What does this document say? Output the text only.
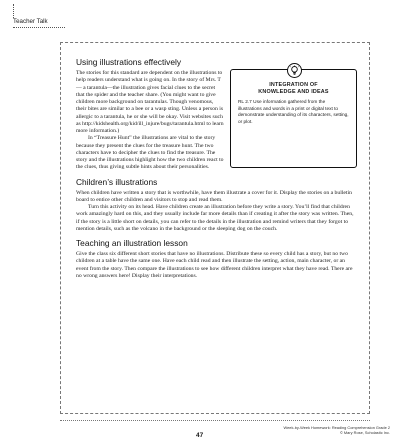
Teacher Talk
Using illustrations effectively
INTEGRATION OF
KNOWLEDGE AND IDEAS
RL 2.7 Use information gathered from the illustrations and words in a print or digital text to demonstrate understanding of its characters, setting, or plot.

The stories for this standard are dependent on the illustrations to help readers understand what is going on. In the story of Mrs. T— a tarantula—the illustration gives facial clues to the secret that the spider and the teacher share. (You might want to give children more background on tarantulas. Though venomous, their bites are similar to a bee or a wasp sting. Unless a person is allergic to a tarantula, he or she will be okay. Visit websites such as http://kidshealth.org/kid/ill_injure/bugs/tarantula.html to learn more information.)

In “Treasure Hunt” the illustrations are vital to the story because they present the clues for the treasure hunt. The two characters have to decipher the clues to find the treasure. The story and the illustrations highlight how the two children react to the clues, thus giving subtle hints about their personalities.

Children’s illustrations

When children have written a story that is worthwhile, have them illustrate a cover for it. Display the stories on a bulletin board to entice other children and visitors to stop and read them.

Turn this activity on its head. Have children create an illustration before they write a story. You’ll find that children work amazingly hard on this, and they usually include far more details than if creating it after the story was written. Then, if the story is a little short on details, you can refer to the details in the illustration and remind writers that they forgot to mention details, such as the volcano in the background or the sleeping dog on the couch.

Teaching an illustration lesson

Give the class six different short stories that have no illustrations. Distribute these so every child has a story, but no two children at a table have the same one. Have each child read and then illustrate the setting, action, main character, or an event from the story. Then compare the illustrations to see how different children interpret what they have read. There are no wrong answers here! Display their interpretations.

47
Week-by-Week Homework: Reading Comprehension Grade 2
© Mary Rose, Scholastic Inc.
